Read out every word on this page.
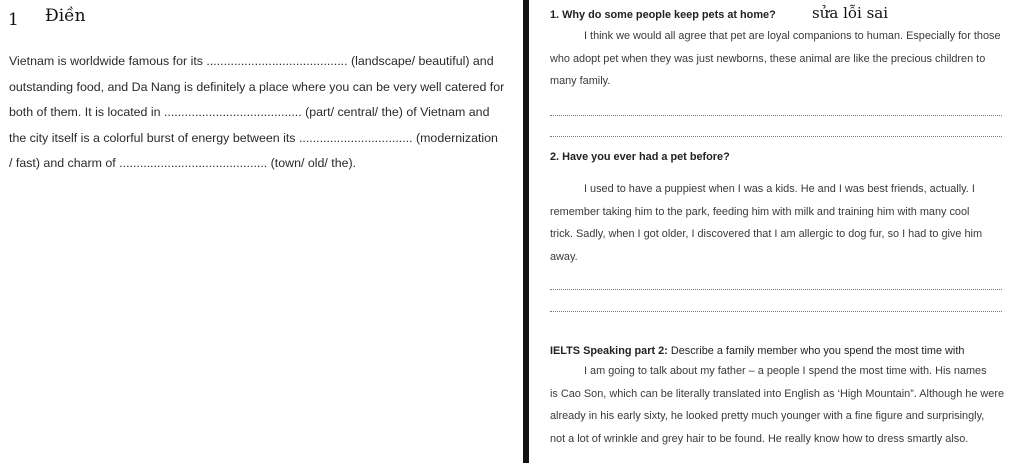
1 Điền
Vietnam is worldwide famous for its ......................................... (landscape/ beautiful) and
outstanding food, and Da Nang is definitely a place where you can be very well catered for
both of them. It is located in ........................................ (part/ central/ the) of Vietnam and
the city itself is a colorful burst of energy between its ................................. (modernization
/ fast) and charm of ........................................... (town/ old/ the).
1. Why do some people keep pets at home? sửa lỗi sai
I think we would all agree that pet are loyal companions to human. Especially for those
who adopt pet when they was just newborns, these animal are like the precious children to
many family.
2. Have you ever had a pet before?
I used to have a puppiest when I was a kids. He and I was best friends, actually. I
remember taking him to the park, feeding him with milk and training him with many cool
trick. Sadly, when I got older, I discovered that I am allergic to dog fur, so I had to give him
away.
IELTS Speaking part 2: Describe a family member who you spend the most time with
I am going to talk about my father – a people I spend the most time with. His names
is Cao Son, which can be literally translated into English as ‘High Mountain”. Although he were
already in his early sixty, he looked pretty much younger with a fine figure and surprisingly,
not a lot of wrinkle and grey hair to be found. He really know how to dress smartly also.
